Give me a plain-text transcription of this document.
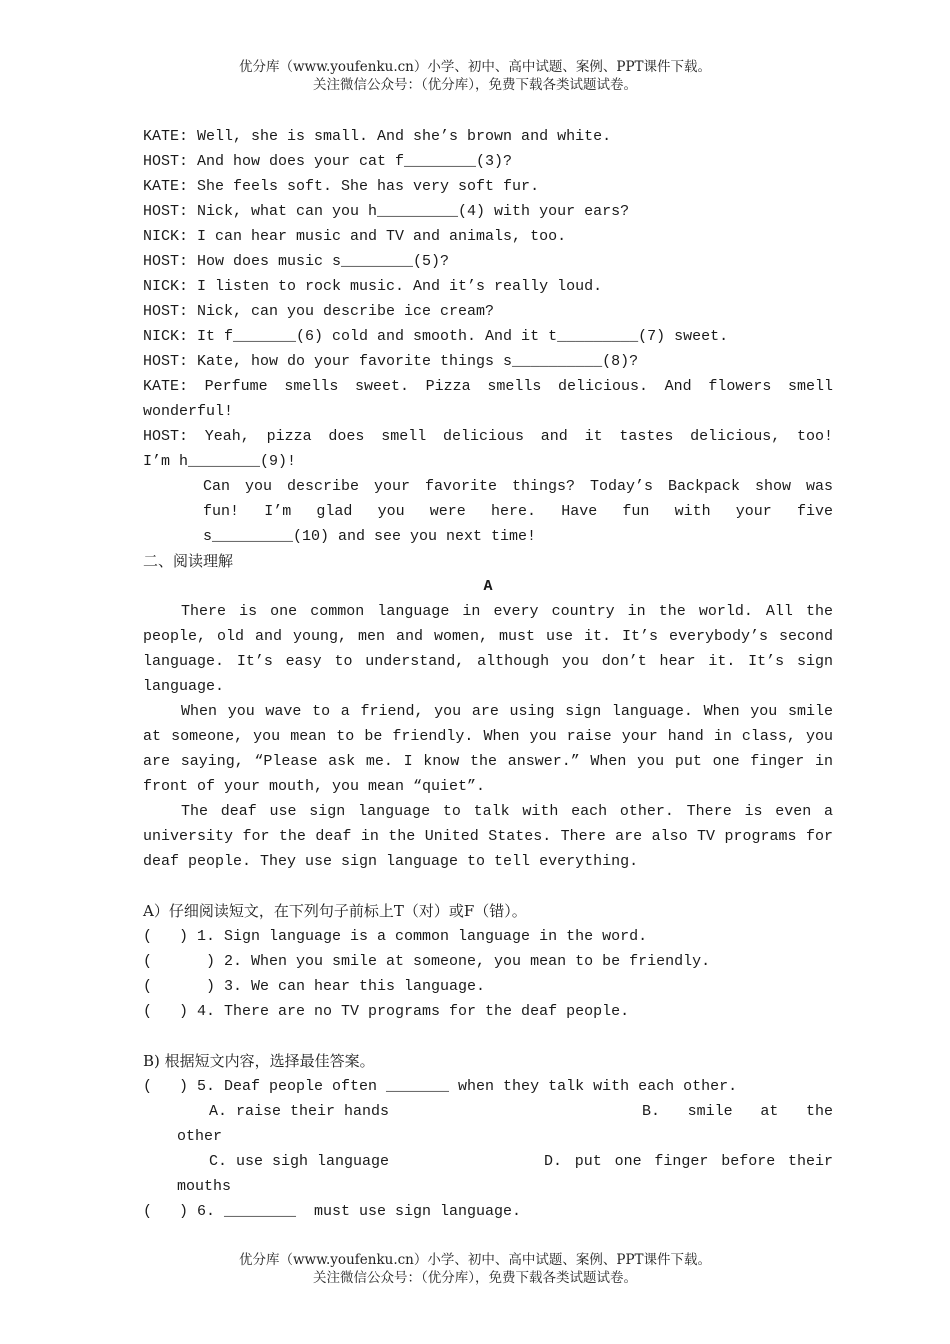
优分库（www.youfenku.cn）小学、初中、高中试题、案例、PPT课件下载。
关注微信公众号：（优分库），免费下载各类试题试卷。

KATE: Well, she is small. And she’s brown and white.

HOST: And how does your cat f________(3)?

KATE: She feels soft. She has very soft fur.

HOST: Nick, what can you h_________(4) with your ears?

NICK: I can hear music and TV and animals, too.

HOST: How does music s________(5)?

NICK: I listen to rock music. And it’s really loud.

HOST: Nick, can you describe ice cream?

NICK: It f_______(6) cold and smooth. And it t_________(7) sweet.

HOST: Kate, how do your favorite things s__________(8)?

KATE: Perfume smells sweet. Pizza smells delicious. And flowers smell

wonderful!

HOST: Yeah, pizza does smell delicious and it tastes delicious, too!

I’m h________(9)!

Can you describe your favorite things? Today’s Backpack show was

fun! I’m glad you were here. Have fun with your five

s_________(10) and see you next time!

二、阅读理解

A

There is one common language in every country in the world. All the people, old and young, men and women, must use it. It’s everybody’s second language. It’s easy to understand, although you don’t hear it. It’s sign language.

When you wave to a friend, you are using sign language. When you smile at someone, you mean to be friendly. When you raise your hand in class, you are saying, “Please ask me. I know the answer.” When you put one finger in front of your mouth, you mean “quiet”.

The deaf use sign language to talk with each other. There is even a university for the deaf in the United States. There are also TV programs for deaf people. They use sign language to tell everything.

A）仔细阅读短文，在下列句子前标上T（对）或F（错）。

(   ) 1. Sign language is a common language in the word.

(      ) 2. When you smile at someone, you mean to be friendly.

(      ) 3. We can hear this language.

(   ) 4. There are no TV programs for the deaf people.

B) 根据短文内容，选择最佳答案。

(   ) 5. Deaf people often _______ when they talk with each other.

A. raise their hands	B. smile at the

other

C. use sigh language	D. put one finger before their

mouths

(   ) 6. ________  must use sign language.

优分库（www.youfenku.cn）小学、初中、高中试题、案例、PPT课件下载。
关注微信公众号：（优分库），免费下载各类试题试卷。
